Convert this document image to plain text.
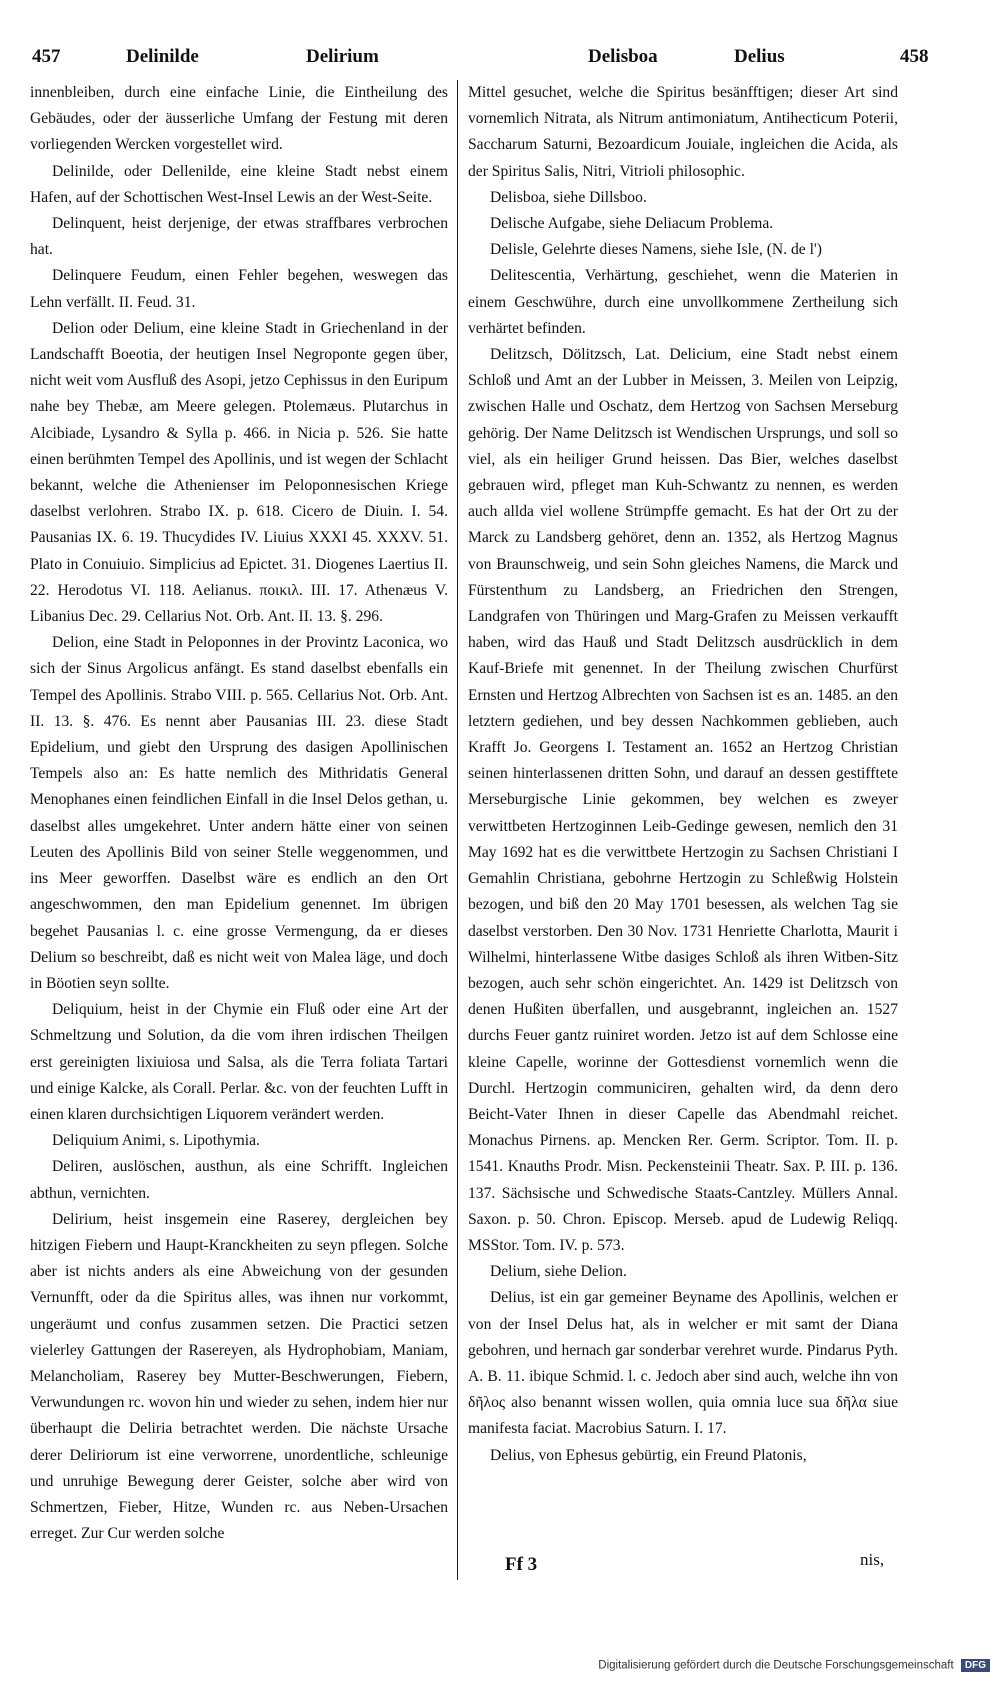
457	Delinilde	Delirium	Delisboa	Delius	458

innenbleiben, durch eine einfache Linie, die Eintheilung des Gebäudes, oder der äusserliche Umfang der Festung mit deren vorliegenden Wercken vorgestellet wird.

Delinilde, oder Dellenilde, eine kleine Stadt nebst einem Hafen, auf der Schottischen West-Insel Lewis an der West-Seite.

Delinquent, heist derjenige, der etwas straffbares verbrochen hat.

Delinquere Feudum, einen Fehler begehen, weswegen das Lehn verfällt. II. Feud. 31.

Delion oder Delium, eine kleine Stadt in Griechenland in der Landschafft Boeotia, der heutigen Insel Negroponte gegen über, nicht weit vom Ausfluß des Asopi, jetzo Cephissus in den Euripum nahe bey Thebæ, am Meere gelegen. Ptolemæus. Plutarchus in Alcibiade, Lysandro & Sylla p. 466. in Nicia p. 526. Sie hatte einen berühmten Tempel des Apollinis, und ist wegen der Schlacht bekannt, welche die Athenienser im Peloponnesischen Kriege daselbst verlohren. Strabo IX. p. 618. Cicero de Diuin. I. 54. Pausanias IX. 6. 19. Thucydides IV. Liuius XXXI 45. XXXV. 51. Plato in Conuiuio. Simplicius ad Epictet. 31. Diogenes Laertius II. 22. Herodotus VI. 118. Aelianus. ποικιλ. III. 17. Athenæus V. Libanius Dec. 29. Cellarius Not. Orb. Ant. II. 13. §. 296.

Delion, eine Stadt in Peloponnes in der Provintz Laconica, wo sich der Sinus Argolicus anfängt. Es stand daselbst ebenfalls ein Tempel des Apollinis. Strabo VIII. p. 565. Cellarius Not. Orb. Ant. II. 13. §. 476. Es nennt aber Pausanias III. 23. diese Stadt Epidelium, und giebt den Ursprung des dasigen Apollinischen Tempels also an: Es hatte nemlich des Mithridatis General Menophanes einen feindlichen Einfall in die Insel Delos gethan, u. daselbst alles umgekehret. Unter andern hätte einer von seinen Leuten des Apollinis Bild von seiner Stelle weggenommen, und ins Meer geworffen. Daselbst wäre es endlich an den Ort angeschwommen, den man Epidelium genennet. Im übrigen begehet Pausanias l. c. eine grosse Vermengung, da er dieses Delium so beschreibt, daß es nicht weit von Malea läge, und doch in Böotien seyn sollte.

Deliquium, heist in der Chymie ein Fluß oder eine Art der Schmeltzung und Solution, da die vom ihren irdischen Theilgen erst gereinigten lixiuiosa und Salsa, als die Terra foliata Tartari und einige Kalcke, als Corall. Perlar. &c. von der feuchten Lufft in einen klaren durchsichtigen Liquorem verändert werden.

Deliquium Animi, s. Lipothymia.

Deliren, auslöschen, austhun, als eine Schrifft. Ingleichen abthun, vernichten.

Delirium, heist insgemein eine Raserey, dergleichen bey hitzigen Fiebern und Haupt-Kranckheiten zu seyn pflegen. Solche aber ist nichts anders als eine Abweichung von der gesunden Vernunfft, oder da die Spiritus alles, was ihnen nur vorkommt, ungeräumt und confus zusammen setzen. Die Practici setzen vielerley Gattungen der Rasereyen, als Hydrophobiam, Maniam, Melancholiam, Raserey bey Mutter-Beschwerungen, Fiebern, Verwundungen rc. wovon hin und wieder zu sehen, indem hier nur überhaupt die Deliria betrachtet werden. Die nächste Ursache derer Deliriorum ist eine verworrene, unordentliche, schleunige und unruhige Bewegung derer Geister, solche aber wird von Schmertzen, Fieber, Hitze, Wunden rc. aus Neben-Ursachen erreget. Zur Cur werden solche

Mittel gesuchet, welche die Spiritus besänfftigen; dieser Art sind vornemlich Nitrata, als Nitrum antimoniatum, Antihecticum Poterii, Saccharum Saturni, Bezoardicum Jouiale, ingleichen die Acida, als der Spiritus Salis, Nitri, Vitrioli philosophic.

Delisboa, siehe Dillsboo.

Delische Aufgabe, siehe Deliacum Problema.

Delisle, Gelehrte dieses Namens, siehe Isle, (N. de l')

Delitescentia, Verhärtung, geschiehet, wenn die Materien in einem Geschwühre, durch eine unvollkommene Zertheilung sich verhärtet befinden.

Delitzsch, Dölitzsch, Lat. Delicium, eine Stadt nebst einem Schloß und Amt an der Lubber in Meissen, 3. Meilen von Leipzig, zwischen Halle und Oschatz, dem Hertzog von Sachsen Merseburg gehörig. Der Name Delitzsch ist Wendischen Ursprungs, und soll so viel, als ein heiliger Grund heissen. Das Bier, welches daselbst gebrauen wird, pfleget man Kuh-Schwantz zu nennen, es werden auch allda viel wollene Strümpffe gemacht. Es hat der Ort zu der Marck zu Landsberg gehöret, denn an. 1352, als Hertzog Magnus von Braunschweig, und sein Sohn gleiches Namens, die Marck und Fürstenthum zu Landsberg, an Friedrichen den Strengen, Landgrafen von Thüringen und Marg-Grafen zu Meissen verkaufft haben, wird das Hauß und Stadt Delitzsch ausdrücklich in dem Kauf-Briefe mit genennet. In der Theilung zwischen Churfürst Ernsten und Hertzog Albrechten von Sachsen ist es an. 1485. an den letztern gediehen, und bey dessen Nachkommen geblieben, auch Krafft Jo. Georgens I. Testament an. 1652 an Hertzog Christian seinen hinterlassenen dritten Sohn, und darauf an dessen gestifftete Merseburgische Linie gekommen, bey welchen es zweyer verwittbeten Hertzoginnen Leib-Gedinge gewesen, nemlich den 31 May 1692 hat es die verwittbete Hertzogin zu Sachsen Christiani I Gemahlin Christiana, gebohrne Hertzogin zu Schleßwig Holstein bezogen, und biß den 20 May 1701 besessen, als welchen Tag sie daselbst verstorben. Den 30 Nov. 1731 Henriette Charlotta, Maurit i Wilhelmi, hinterlassene Witbe dasiges Schloß als ihren Witben-Sitz bezogen, auch sehr schön eingerichtet. An. 1429 ist Delitzsch von denen Hußiten überfallen, und ausgebrannt, ingleichen an. 1527 durchs Feuer gantz ruiniret worden. Jetzo ist auf dem Schlosse eine kleine Capelle, worinne der Gottesdienst vornemlich wenn die Durchl. Hertzogin communiciren, gehalten wird, da denn dero Beicht-Vater Ihnen in dieser Capelle das Abendmahl reichet. Monachus Pirnens. ap. Mencken Rer. Germ. Scriptor. Tom. II. p. 1541. Knauths Prodr. Misn. Peckensteinii Theatr. Sax. P. III. p. 136. 137. Sächsische und Schwedische Staats-Cantzley. Müllers Annal. Saxon. p. 50. Chron. Episcop. Merseb. apud de Ludewig Reliqq. MSStor. Tom. IV. p. 573.

Delium, siehe Delion.

Delius, ist ein gar gemeiner Beyname des Apollinis, welchen er von der Insel Delus hat, als in welcher er mit samt der Diana gebohren, und hernach gar sonderbar verehret wurde. Pindarus Pyth. A. B. 11. ibique Schmid. l. c. Jedoch aber sind auch, welche ihn von δῆλος also benannt wissen wollen, quia omnia luce sua δῆλα siue manifesta faciat. Macrobius Saturn. I. 17.

Delius, von Ephesus gebürtig, ein Freund Platonis,

Ff 3	nis,
Digitalisierung gefördert durch die Deutsche Forschungsgemeinschaft DFG
